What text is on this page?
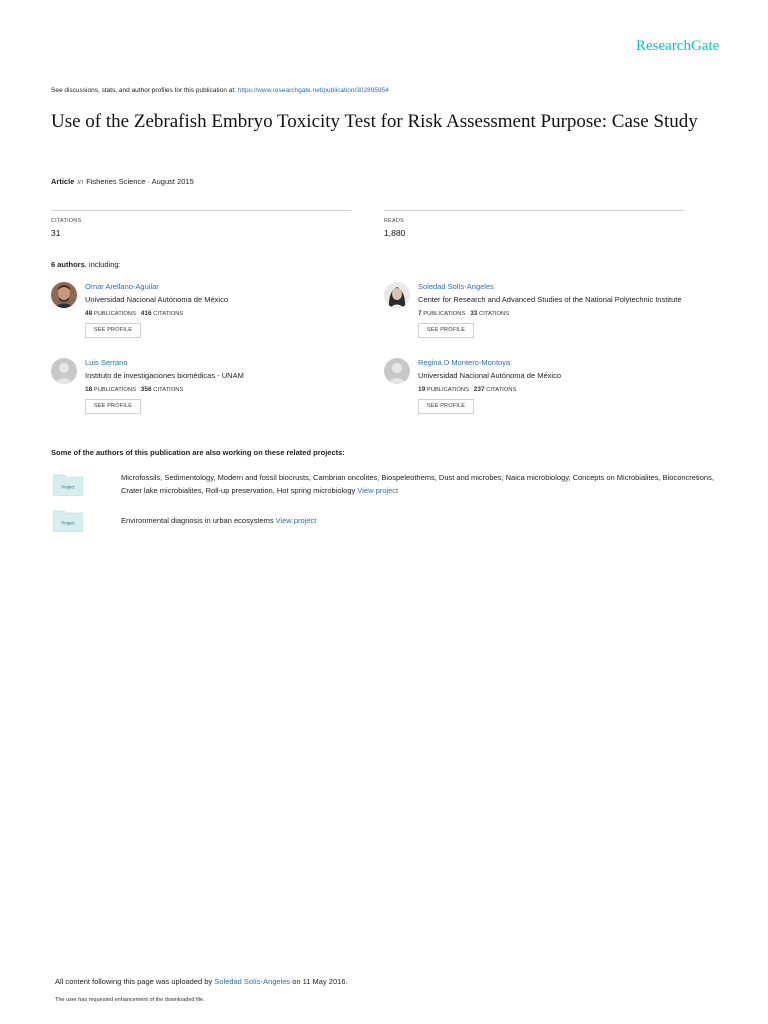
ResearchGate
See discussions, stats, and author profiles for this publication at: https://www.researchgate.net/publication/302895954
Use of the Zebrafish Embryo Toxicity Test for Risk Assessment Purpose: Case Study
Article in Fisheries Science · August 2015
CITATIONS
31
READS
1,880
6 authors, including:
Omar Arellano-Aguilar
Universidad Nacional Autónoma de México
48 PUBLICATIONS 416 CITATIONS
SEE PROFILE
Soledad Solís-Angeles
Center for Research and Advanced Studies of the National Polytechnic Institute
7 PUBLICATIONS 33 CITATIONS
SEE PROFILE
Luis Serrano
Instituto de investigaciones biomédicas - UNAM
18 PUBLICATIONS 356 CITATIONS
SEE PROFILE
Regina D Montero-Montoya
Universidad Nacional Autónoma de México
19 PUBLICATIONS 237 CITATIONS
SEE PROFILE
Some of the authors of this publication are also working on these related projects:
Project
Microfossils, Sedimentology, Modern and fossil biocrusts, Cambrian oncolites, Biospeleothems, Dust and microbes, Naica microbiology, Concepts on Microbialites, Bioconcretions, Crater lake microbialites, Roll-up preservation, Hot spring microbiology View project
Project	Environmental diagnosis in urban ecosystems View project
All content following this page was uploaded by Soledad Solís-Angeles on 11 May 2016.
The user has requested enhancement of the downloaded file.
